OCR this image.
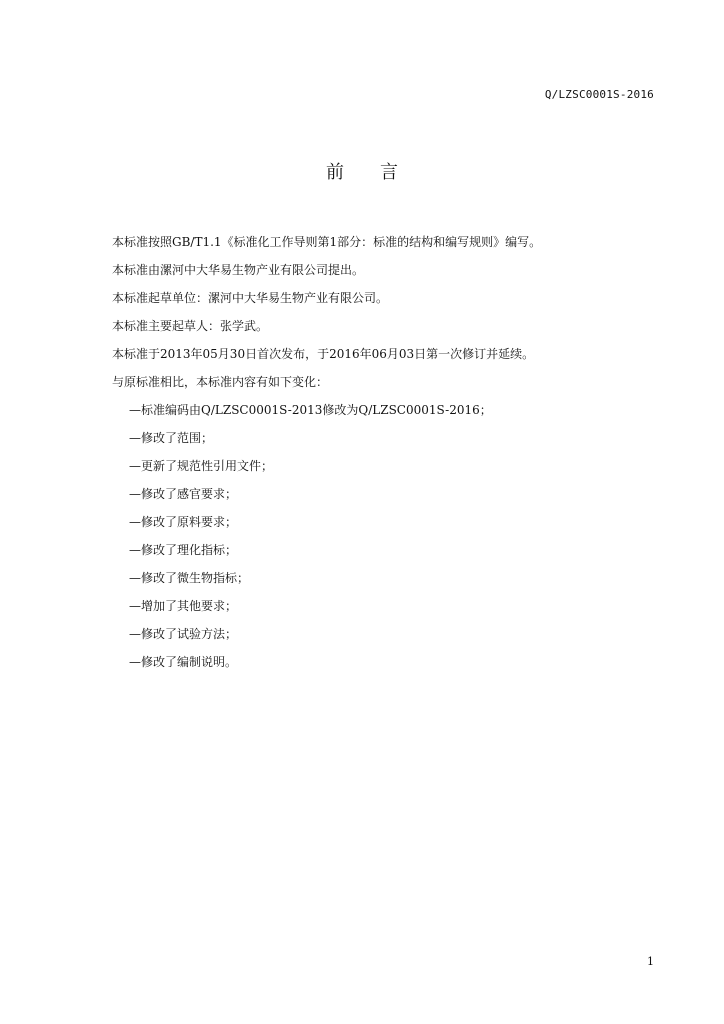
Q/LZSC0001S-2016
前 言

本标准按照GB/T1.1《标准化工作导则第1部分：标准的结构和编写规则》编写。

本标准由漯河中大华易生物产业有限公司提出。

本标准起草单位：漯河中大华易生物产业有限公司。

本标准主要起草人：张学武。

本标准于2013年05月30日首次发布，于2016年06月03日第一次修订并延续。

与原标准相比，本标准内容有如下变化：

—标准编码由Q/LZSC0001S-2013修改为Q/LZSC0001S-2016；
—修改了范围；
—更新了规范性引用文件；
—修改了感官要求；
—修改了原料要求；
—修改了理化指标；
—修改了微生物指标；
—增加了其他要求；
—修改了试验方法；
—修改了编制说明。
1
